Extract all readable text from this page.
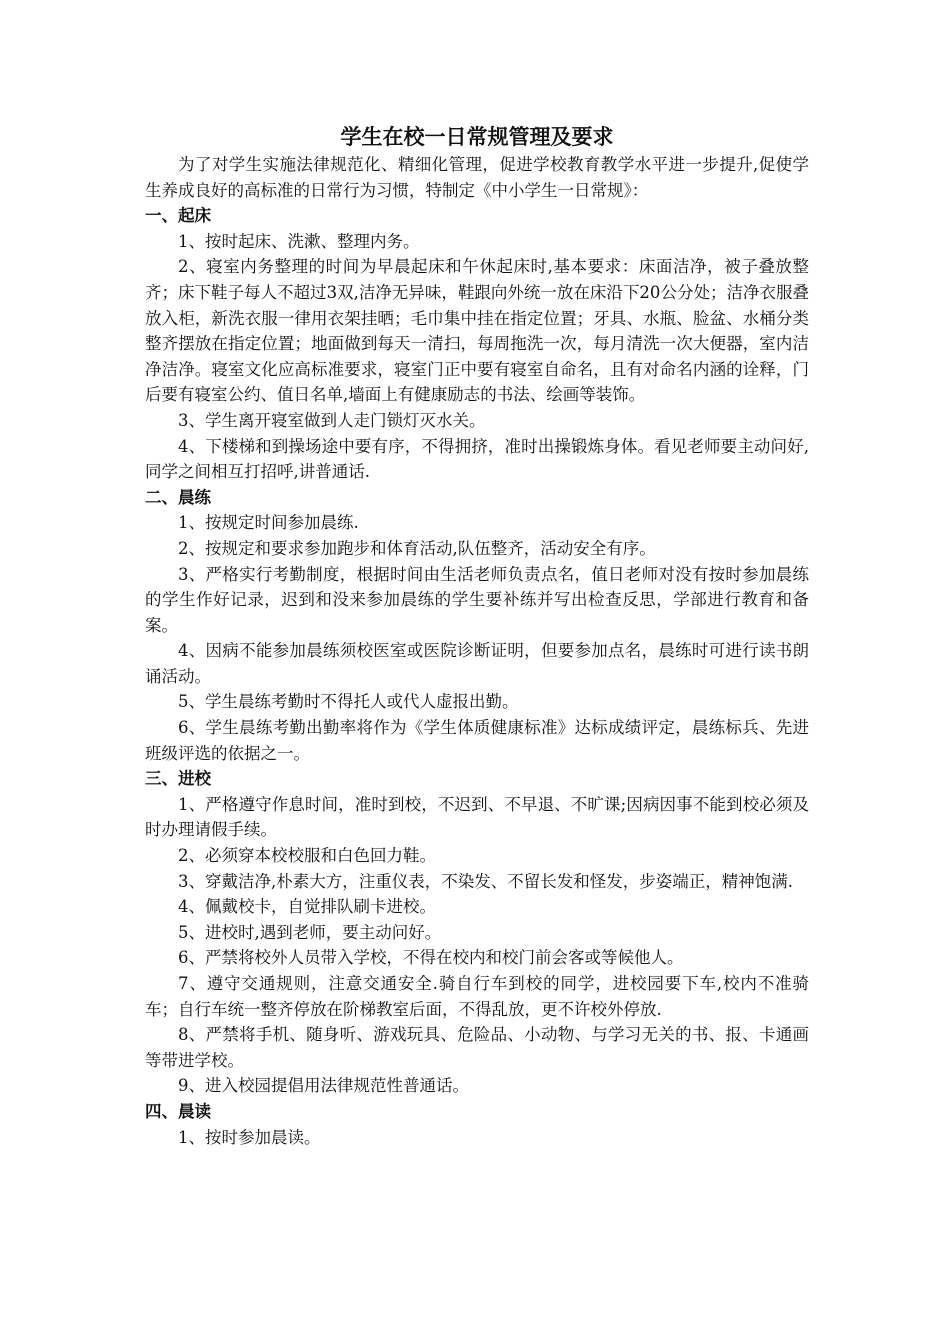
学生在校一日常规管理及要求

为了对学生实施法律规范化、精细化管理，促进学校教育教学水平进一步提升,促使学生养成良好的高标准的日常行为习惯，特制定《中小学生一日常规》：

一、起床

1、按时起床、洗漱、整理内务。

2、寝室内务整理的时间为早晨起床和午休起床时,基本要求：床面洁净，被子叠放整齐；床下鞋子每人不超过3双,洁净无异味，鞋跟向外统一放在床沿下20公分处；洁净衣服叠放入柜，新洗衣服一律用衣架挂晒；毛巾集中挂在指定位置；牙具、水瓶、脸盆、水桶分类整齐摆放在指定位置；地面做到每天一清扫，每周拖洗一次，每月清洗一次大便器，室内洁净洁净。寝室文化应高标准要求，寝室门正中要有寝室自命名，且有对命名内涵的诠释，门后要有寝室公约、值日名单,墙面上有健康励志的书法、绘画等装饰。

3、学生离开寝室做到人走门锁灯灭水关。

4、下楼梯和到操场途中要有序，不得拥挤，准时出操锻炼身体。看见老师要主动问好,同学之间相互打招呼,讲普通话.

二、晨练

1、按规定时间参加晨练.

2、按规定和要求参加跑步和体育活动,队伍整齐，活动安全有序。

3、严格实行考勤制度，根据时间由生活老师负责点名，值日老师对没有按时参加晨练的学生作好记录，迟到和没来参加晨练的学生要补练并写出检查反思，学部进行教育和备案。

4、因病不能参加晨练须校医室或医院诊断证明，但要参加点名，晨练时可进行读书朗诵活动。

5、学生晨练考勤时不得托人或代人虚报出勤。

6、学生晨练考勤出勤率将作为《学生体质健康标准》达标成绩评定，晨练标兵、先进班级评选的依据之一。

三、进校

1、严格遵守作息时间，准时到校，不迟到、不早退、不旷课;因病因事不能到校必须及时办理请假手续。

2、必须穿本校校服和白色回力鞋。

3、穿戴洁净,朴素大方，注重仪表，不染发、不留长发和怪发，步姿端正，精神饱满.

4、佩戴校卡，自觉排队刷卡进校。

5、进校时,遇到老师，要主动问好。

6、严禁将校外人员带入学校，不得在校内和校门前会客或等候他人。

7、遵守交通规则，注意交通安全.骑自行车到校的同学，进校园要下车,校内不准骑车；自行车统一整齐停放在阶梯教室后面，不得乱放，更不许校外停放.

8、严禁将手机、随身听、游戏玩具、危险品、小动物、与学习无关的书、报、卡通画等带进学校。

9、进入校园提倡用法律规范性普通话。

四、晨读

1、按时参加晨读。
